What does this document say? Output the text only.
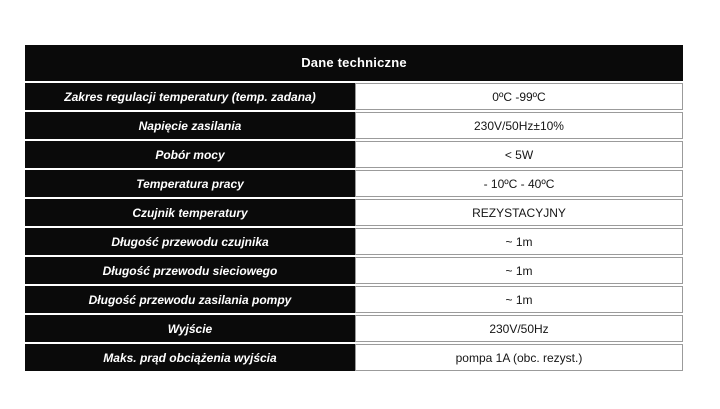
Dane techniczne
Zakres regulacji temperatury (temp. zadana)	0ºC -99ºC
Napięcie zasilania	230V/50Hz±10%
Pobór mocy	< 5W
Temperatura pracy	- 10ºC - 40ºC
Czujnik temperatury	REZYSTACYJNY
Długość przewodu czujnika	~ 1m
Długość przewodu sieciowego	~ 1m
Długość przewodu zasilania pompy	~ 1m
Wyjście	230V/50Hz
Maks. prąd obciążenia wyjścia	pompa 1A (obc. rezyst.)
